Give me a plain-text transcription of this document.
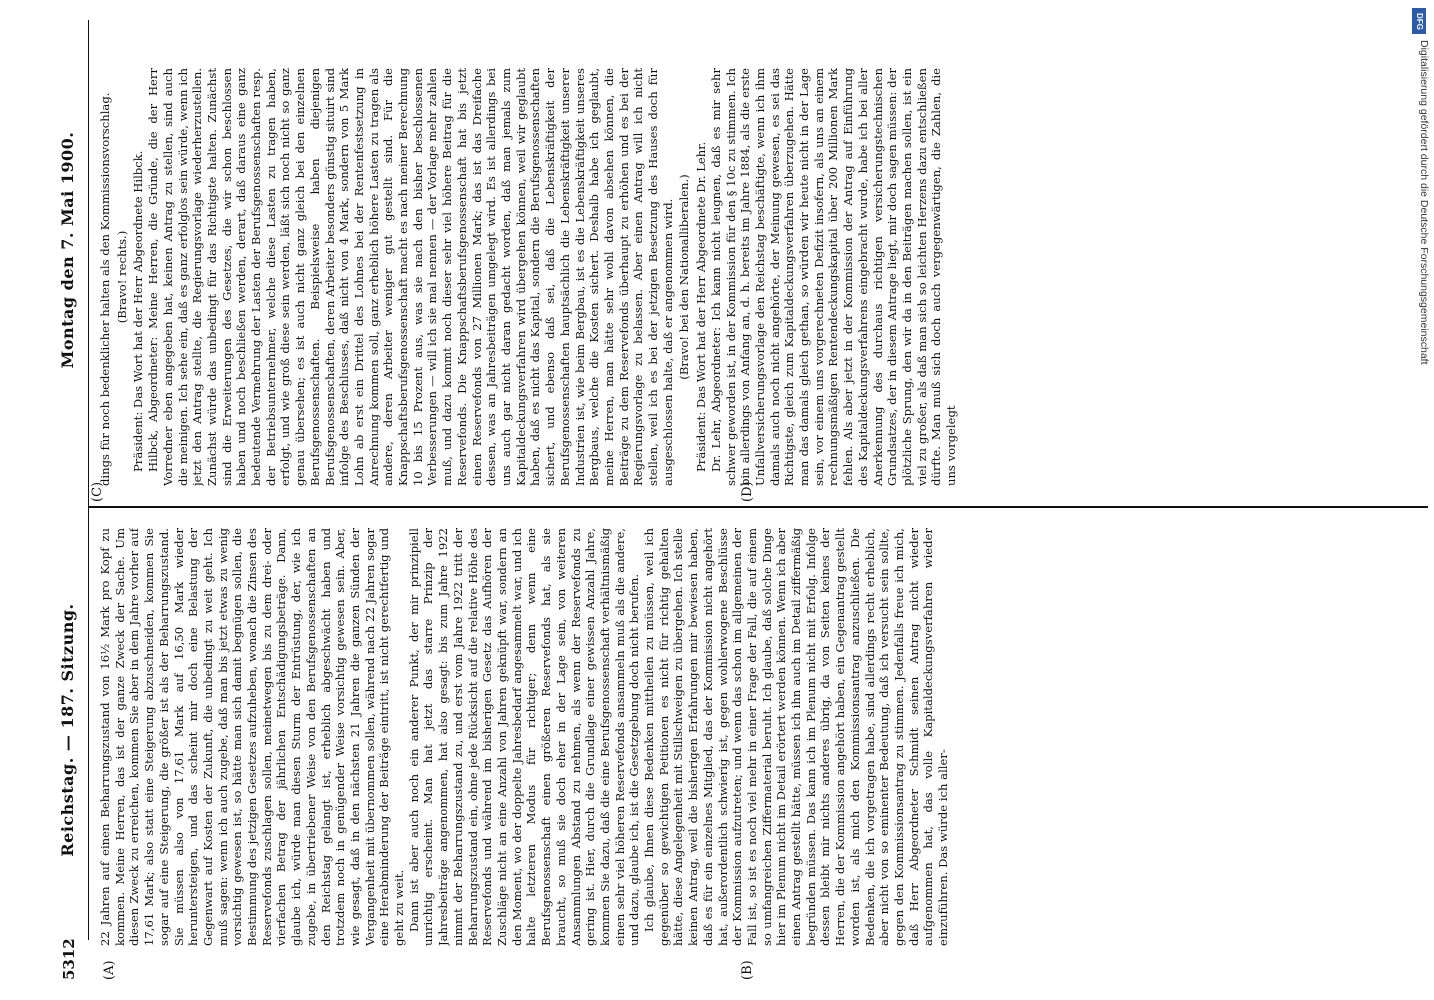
5312
Reichstag. — 187. Sitzung.
Montag den 7. Mai 1900.
(A)	(B)
(C)	(D)

22 Jahren auf einen Beharrungszustand von 16½ Mark pro Kopf zu kommen. Meine Herren, das ist der ganze Zweck der Sache. Um diesen Zweck zu erreichen, kommen Sie aber in dem Jahre vorher auf 17,61 Mark; also statt eine Steigerung abzuschneiden, kommen Sie sogar auf eine Steigerung, die größer ist als der Beharrungszustand. Sie müssen also von 17,61 Mark auf 16,50 Mark wieder heruntersteigen, und das scheint mir doch eine Belastung der Gegenwart auf Kosten der Zukunft, die unbedingt zu weit geht. Ich muß sagen: wenn ich auch zugebe, daß man bis jetzt etwas zu wenig vorsichtig gewesen ist, so hätte man sich damit begnügen sollen, die Bestimmung des jetzigen Gesetzes aufzuheben, wonach die Zinsen des Reservefonds zuschlagen sollen, meinetwegen bis zu dem drei- oder vierfachen Betrag der jährlichen Entschädigungsbeträge. Dann, glaube ich, würde man diesen Sturm der Entrüstung, der, wie ich zugebe, in übertriebener Weise von den Berufsgenossenschaften an den Reichstag gelangt ist, erheblich abgeschwächt haben und trotzdem noch in genügender Weise vorsichtig gewesen sein. Aber, wie gesagt, daß in den nächsten 21 Jahren die ganzen Sünden der Vergangenheit mit übernommen sollen, während nach 22 Jahren sogar eine Herabminderung der Beiträge eintritt, ist nicht gerechtfertig und geht zu weit. Dann ist aber auch noch ein anderer Punkt, der mir prinzipiell unrichtig erscheint. Man hat jetzt das starre Prinzip der Jahresbeiträge angenommen, hat also gesagt: bis zum Jahre 1922 nimmt der Beharrungszustand zu, und erst vom Jahre 1922 tritt der Beharrungszustand ein, ohne jede Rücksicht auf die relative Höhe des Reservefonds und während im bisherigen Gesetz das Aufhören der Zuschläge nicht an eine Anzahl von Jahren geknüpft war, sondern an den Moment, wo der doppelte Jahresbedarf angesammelt war, und ich halte letzteren Modus für richtiger; denn wenn eine Berufsgenossenschaft einen größeren Reservefonds hat, als sie braucht, so muß sie doch eher in der Lage sein, von weiteren Ansammlungen Abstand zu nehmen, als wenn der Reservefonds zu gering ist. Hier, durch die Grundlage einer gewissen Anzahl Jahre, kommen Sie dazu, daß die eine Berufsgenossenschaft verhältnismäßig einen sehr viel höheren Reservefonds ansammeln muß als die andere, und dazu, glaube ich, ist die Gesetzgebung doch nicht berufen. Ich glaube, Ihnen diese Bedenken mittheilen zu müssen, weil ich gegenüber so gewichtigen Petitionen es nicht für richtig gehalten hätte, diese Angelegenheit mit Stillschweigen zu übergehen. Ich stelle keinen Antrag, weil die bisherigen Erfahrungen mir bewiesen haben, daß es für ein einzelnes Mitglied, das der Kommission nicht angehört hat, außerordentlich schwierig ist, gegen wohlerwogene Beschlüsse der Kommission aufzutreten; und wenn das schon im allgemeinen der Fall ist, so ist es noch viel mehr in einer Frage der Fall, die auf einem so umfangreichen Ziffermaterial beruht. Ich glaube, daß solche Dinge hier im Plenum nicht im Detail erörtert werden können. Wenn ich aber einen Antrag gestellt hätte, müssen ich ihn auch im Detail ziffermäßig begründen müssen. Das kann ich im Plenum nicht mit Erfolg. Infolge dessen bleibt mir nichts anderes übrig, da von Seiten keines der Herren, die der Kommission angehört haben, ein Gegenantrag gestellt worden ist, als mich den Kommissionsantrag anzuschließen. Die Bedenken, die ich vorgetragen habe, sind allerdings recht erheblich, aber nicht von so eminenter Bedeutung, daß ich versucht sein sollte, gegen den Kommissionsantrag zu stimmen. Jedenfalls freue ich mich, daß Herr Abgeordneter Schmidt seinen Antrag nicht wieder aufgenommen hat, das volle Kapitaldeckungsverfahren wieder einzuführen. Das würde ich aller-

dings für noch bedenklicher halten als den Kommissionsvorschlag. (Bravo! rechts.) Präsident: Das Wort hat der Herr Abgeordnete Hilbck. Hilbck, Abgeordneter: Meine Herren, die Gründe, die der Herr Vorredner eben angegeben hat, keinen Antrag zu stellen, sind auch die meinigen. Ich sehe ein, daß es ganz erfolglos sein würde, wenn ich jetzt den Antrag stellte, die Regierungsvorlage wiederherzustellen. Zunächst würde das unbedingt für das Richtigste halten. Zunächst sind die Erweiterungen des Gesetzes, die wir schon beschlossen haben und noch beschließen werden, derart, daß daraus eine ganz bedeutende Vermehrung der Lasten der Berufsgenossenschaften resp. der Betriebsunternehmer, welche diese Lasten zu tragen haben, erfolgt, und wie groß diese sein werden, läßt sich noch nicht so ganz genau übersehen; es ist auch nicht ganz gleich bei den einzelnen Berufsgenossenschaften. Beispielsweise haben diejenigen Berufsgenossenschaften, deren Arbeiter besonders günstig situirt sind infolge des Beschlusses, daß nicht von 4 Mark, sondern von 5 Mark Lohn ab erst ein Drittel des Lohnes bei der Rentenfestsetzung in Anrechnung kommen soll, ganz erheblich höhere Lasten zu tragen als andere, deren Arbeiter weniger gut gestellt sind. Für die Knappschaftsberufsgenossenschaft macht es nach meiner Berechnung 10 bis 15 Prozent aus, was sie nach den bisher beschlossenen Verbesserungen — will ich sie mal nennen — der Vorlage mehr zahlen muß, und dazu kommt noch dieser sehr viel höhere Beitrag für die Reservefonds. Die Knappschaftsberufsgenossenschaft hat bis jetzt einen Reservefonds von 27 Millionen Mark; das ist das Dreifache dessen, was an Jahresbeiträgen umgelegt wird. Es ist allerdings bei uns auch gar nicht daran gedacht worden, daß man jemals zum Kapitaldeckungsverfahren wird übergehen können, weil wir geglaubt haben, daß es nicht das Kapital, sondern die Berufsgenossenschaften sichert, und ebenso daß sei, daß die Lebenskräftigkeit der Berufsgenossenschaften hauptsächlich die Lebenskräftigkeit unserer Industrien ist, wie beim Bergbau, ist es die Lebenskräftigkeit unseres Bergbaus, welche die Kosten sichert. Deshalb habe ich geglaubt, meine Herren, man hätte sehr wohl davon absehen können, die Beiträge zu dem Reservefonds überhaupt zu erhöhen und es bei der Regierungsvorlage zu belassen. Aber einen Antrag will ich nicht stellen, weil ich es bei der jetzigen Besetzung des Hauses doch für ausgeschlossen halte, daß er angenommen wird. (Bravo! bei den Nationalliberalen.) Präsident: Das Wort hat der Herr Abgeordnete Dr. Lehr. Dr. Lehr, Abgeordneter: Ich kann nicht leugnen, daß es mir sehr schwer geworden ist, in der Kommission für den § 10c zu stimmen. Ich bin allerdings von Anfang an, d. h. bereits im Jahre 1884, als die erste Unfallversicherungsvorlage den Reichstag beschäftigte, wenn ich ihm damals auch noch nicht angehörte, der Meinung gewesen, es sei das Richtigste, gleich zum Kapitaldeckungsverfahren überzugehen. Hätte man das damals gleich gethan, so würden wir heute nicht in der Lage sein, vor einem uns vorgerechneten Defizit insofern, als uns an einem rechnungsmäßigen Rentendeckungskapital über 200 Millionen Mark fehlen. Als aber jetzt in der Kommission der Antrag auf Einführung des Kapitaldeckungsverfahrens eingebracht wurde, habe ich bei aller Anerkennung des durchaus richtigen versicherungstechnischen Grundsatzes, der in diesem Antrage liegt, mir doch sagen müssen: der plötzliche Sprung, den wir da in den Beiträgen machen sollen, ist ein viel zu großer, als daß man sich so leichten Herzens dazu entschließen dürfte. Man muß sich doch auch vergegenwärtigen, die Zahlen, die uns vorgelegt

DFG
Digitalisierung gefördert durch die Deutsche Forschungsgemeinschaft
